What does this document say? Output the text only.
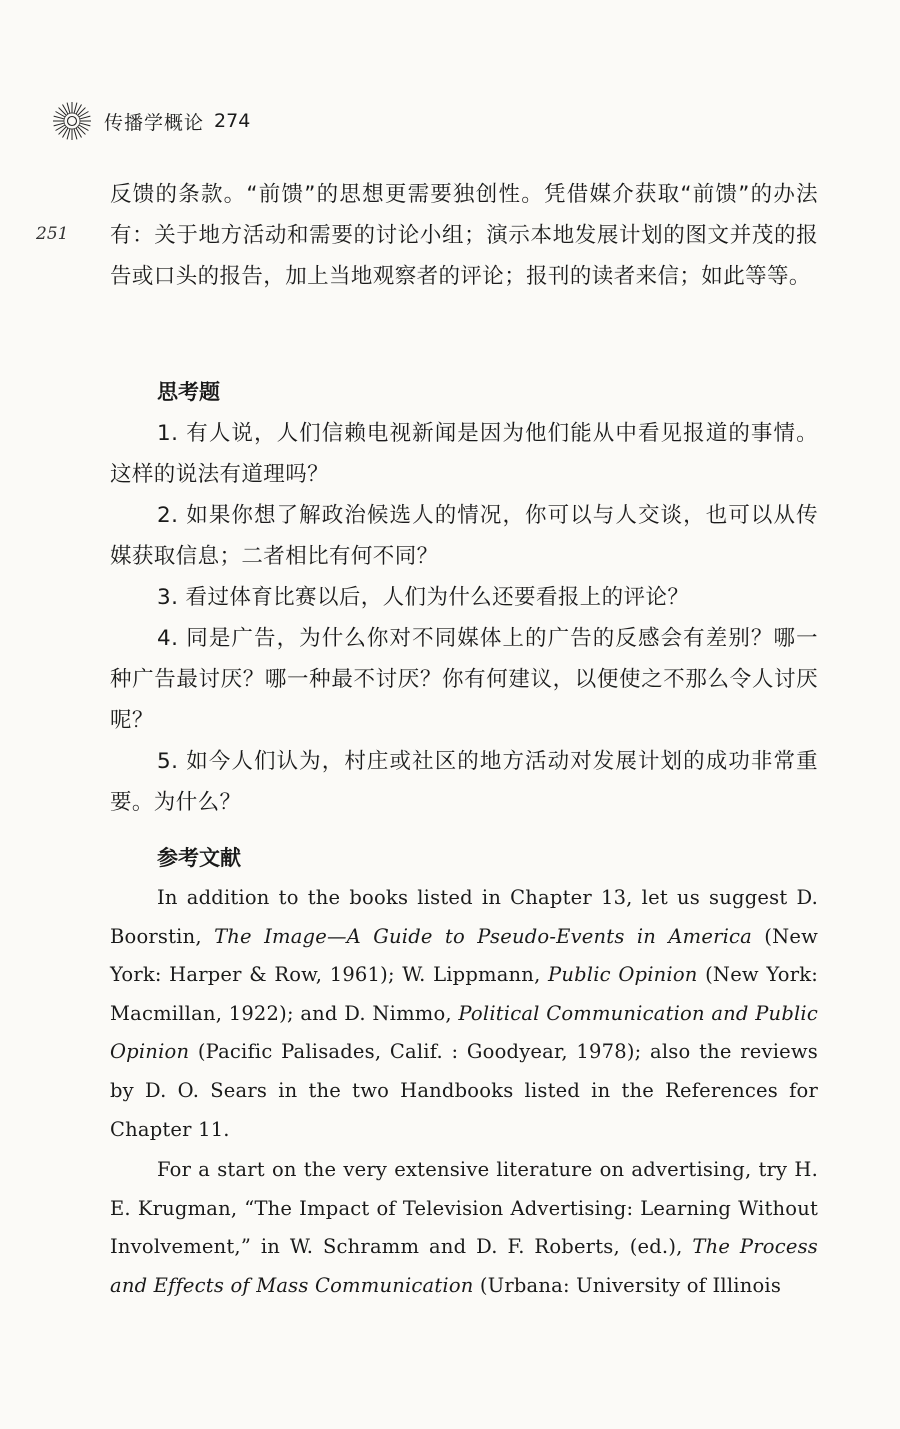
传播学概论 274
251

反馈的条款。“前馈”的思想更需要独创性。凭借媒介获取“前馈”的办法有：关于地方活动和需要的讨论小组；演示本地发展计划的图文并茂的报告或口头的报告，加上当地观察者的评论；报刊的读者来信；如此等等。

思考题

1. 有人说，人们信赖电视新闻是因为他们能从中看见报道的事情。这样的说法有道理吗？

2. 如果你想了解政治候选人的情况，你可以与人交谈，也可以从传媒获取信息；二者相比有何不同？

3. 看过体育比赛以后，人们为什么还要看报上的评论？

4. 同是广告，为什么你对不同媒体上的广告的反感会有差别？哪一种广告最讨厌？哪一种最不讨厌？你有何建议，以便使之不那么令人讨厌呢？

5. 如今人们认为，村庄或社区的地方活动对发展计划的成功非常重要。为什么？

参考文献

In addition to the books listed in Chapter 13, let us suggest D. Boorstin, The Image—A Guide to Pseudo-Events in America (New York: Harper & Row, 1961); W. Lippmann, Public Opinion (New York: Macmillan, 1922); and D. Nimmo, Political Communication and Public Opinion (Pacific Palisades, Calif. : Goodyear, 1978); also the reviews by D. O. Sears in the two Handbooks listed in the References for Chapter 11.

For a start on the very extensive literature on advertising, try H. E. Krugman, “The Impact of Television Advertising: Learning Without Involvement,” in W. Schramm and D. F. Roberts, (ed.), The Process and Effects of Mass Communication (Urbana: University of Illinois
